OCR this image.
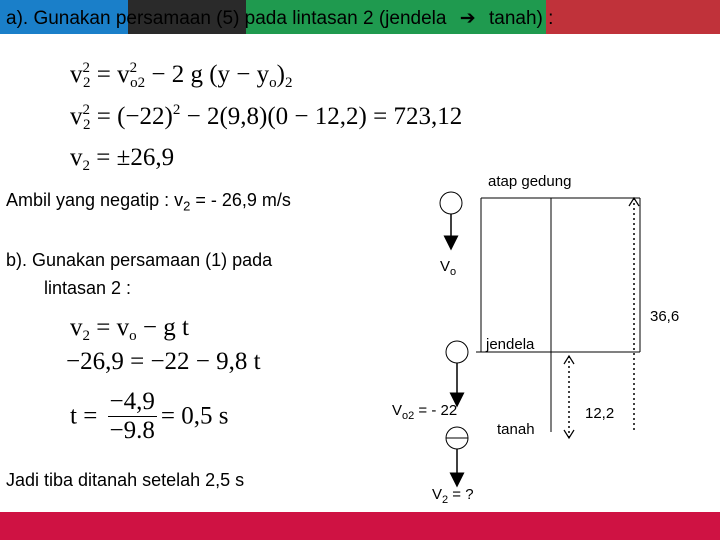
a). Gunakan persamaan (5) pada lintasan 2 (jendela ➔ tanah) :
$v^2_2 = v^2_{o2} - 2$ g $(y - y_o)_2$
$v^2_2 = (-22)^2 - 2(9,8)(0 - 12,2) = 723,12$
$v_2 = \pm 26,9$
Ambil yang negatip : $v_2$ = - 26,9 m/s
b). Gunakan persamaan (1) pada
lintasan 2 :
$v_2 = v_o - g$ t
−26,9 = −22 − 9,8 t
$t = \frac{-4,9}{-9.8} = 0,5$ s
Jadi tiba ditanah setelah 2,5 s
atap gedung
$V_o$
36,6
jendela
$V_{o2}$ = - 22
tanah
12,2
$V_2$ = ?
